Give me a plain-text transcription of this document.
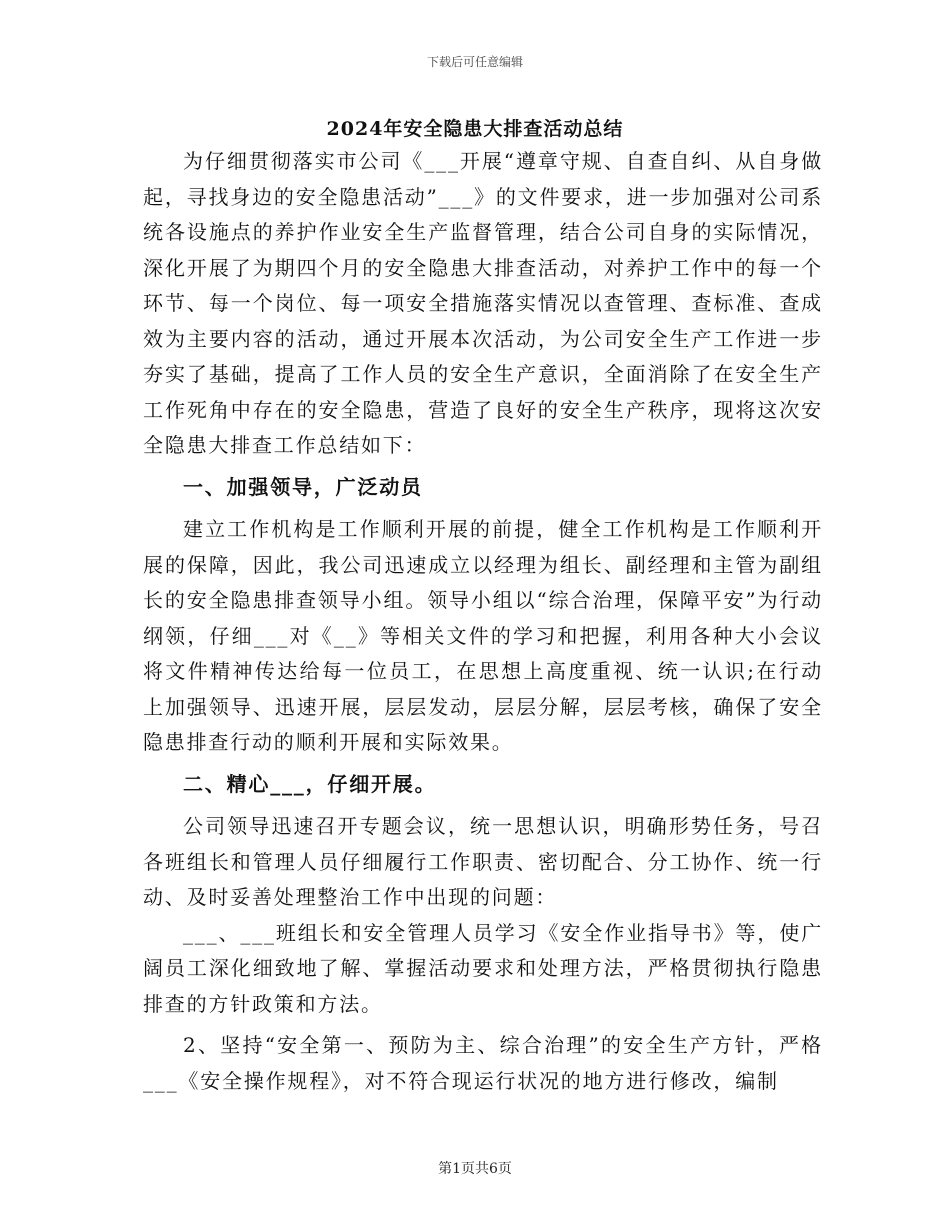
下载后可任意编辑
2024年安全隐患大排查活动总结

为仔细贯彻落实市公司《___开展“遵章守规、自查自纠、从自身做起，寻找身边的安全隐患活动”___》的文件要求，进一步加强对公司系统各设施点的养护作业安全生产监督管理，结合公司自身的实际情况，深化开展了为期四个月的安全隐患大排查活动，对养护工作中的每一个环节、每一个岗位、每一项安全措施落实情况以查管理、查标准、查成效为主要内容的活动，通过开展本次活动，为公司安全生产工作进一步夯实了基础，提高了工作人员的安全生产意识，全面消除了在安全生产工作死角中存在的安全隐患，营造了良好的安全生产秩序，现将这次安全隐患大排查工作总结如下：

一、加强领导，广泛动员

建立工作机构是工作顺利开展的前提，健全工作机构是工作顺利开展的保障，因此，我公司迅速成立以经理为组长、副经理和主管为副组长的安全隐患排查领导小组。领导小组以“综合治理，保障平安”为行动纲领，仔细___对《__》等相关文件的学习和把握，利用各种大小会议将文件精神传达给每一位员工，在思想上高度重视、统一认识;在行动上加强领导、迅速开展，层层发动，层层分解，层层考核，确保了安全隐患排查行动的顺利开展和实际效果。

二、精心___，仔细开展。

公司领导迅速召开专题会议，统一思想认识，明确形势任务，号召各班组长和管理人员仔细履行工作职责、密切配合、分工协作、统一行动、及时妥善处理整治工作中出现的问题：

___、___班组长和安全管理人员学习《安全作业指导书》等，使广阔员工深化细致地了解、掌握活动要求和处理方法，严格贯彻执行隐患排查的方针政策和方法。

2、坚持“安全第一、预防为主、综合治理”的安全生产方针，严格___《安全操作规程》，对不符合现运行状况的地方进行修改，编制

第1页共6页
